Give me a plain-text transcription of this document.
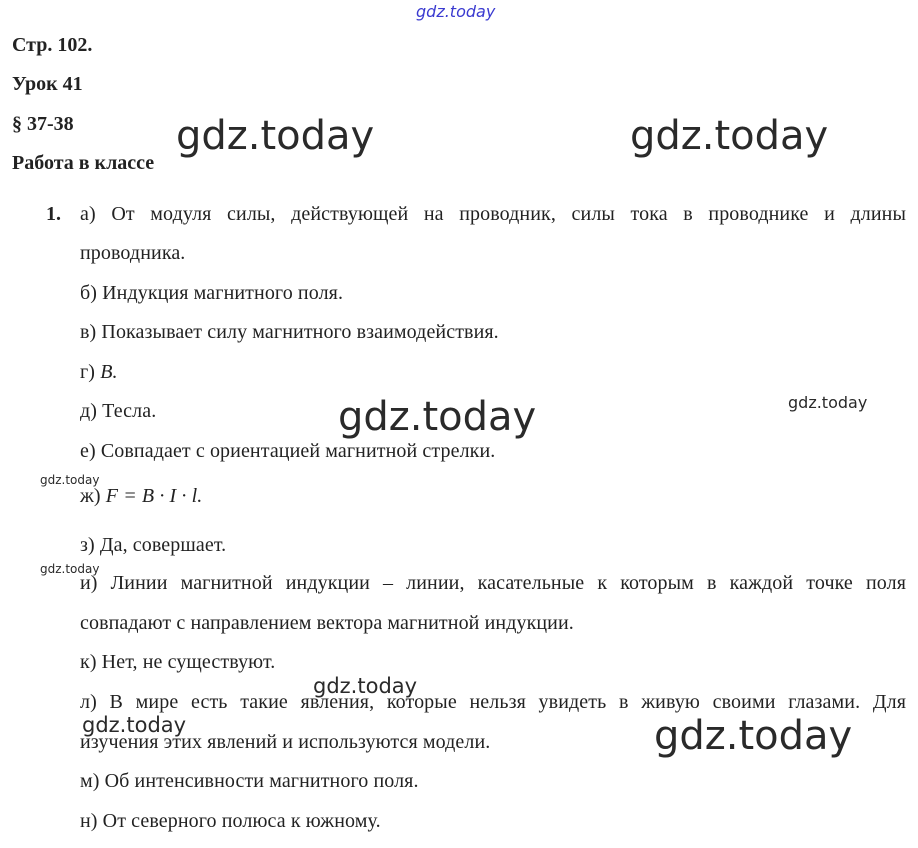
gdz.today
Стр. 102.
Урок 41
§ 37-38
Работа в классе
gdz.today	gdz.today
1. а) От модуля силы, действующей на проводник, силы тока в проводнике и длины
проводника.
б) Индукция магнитного поля.
в) Показывает силу магнитного взаимодействия.
г) B.
д) Тесла.
е) Совпадает с ориентацией магнитной стрелки.
ж) F = B · I · l.
з) Да, совершает.
и) Линии магнитной индукции – линии, касательные к которым в каждой точке поля
совпадают с направлением вектора магнитной индукции.
к) Нет, не существуют.
л) В мире есть такие явления, которые нельзя увидеть в живую своими глазами. Для
изучения этих явлений и используются модели.
м) Об интенсивности магнитного поля.
н) От северного полюса к южному.
gdz.today	gdz.today
gdz.today
gdz.today
gdz.today
gdz.today	gdz.today
